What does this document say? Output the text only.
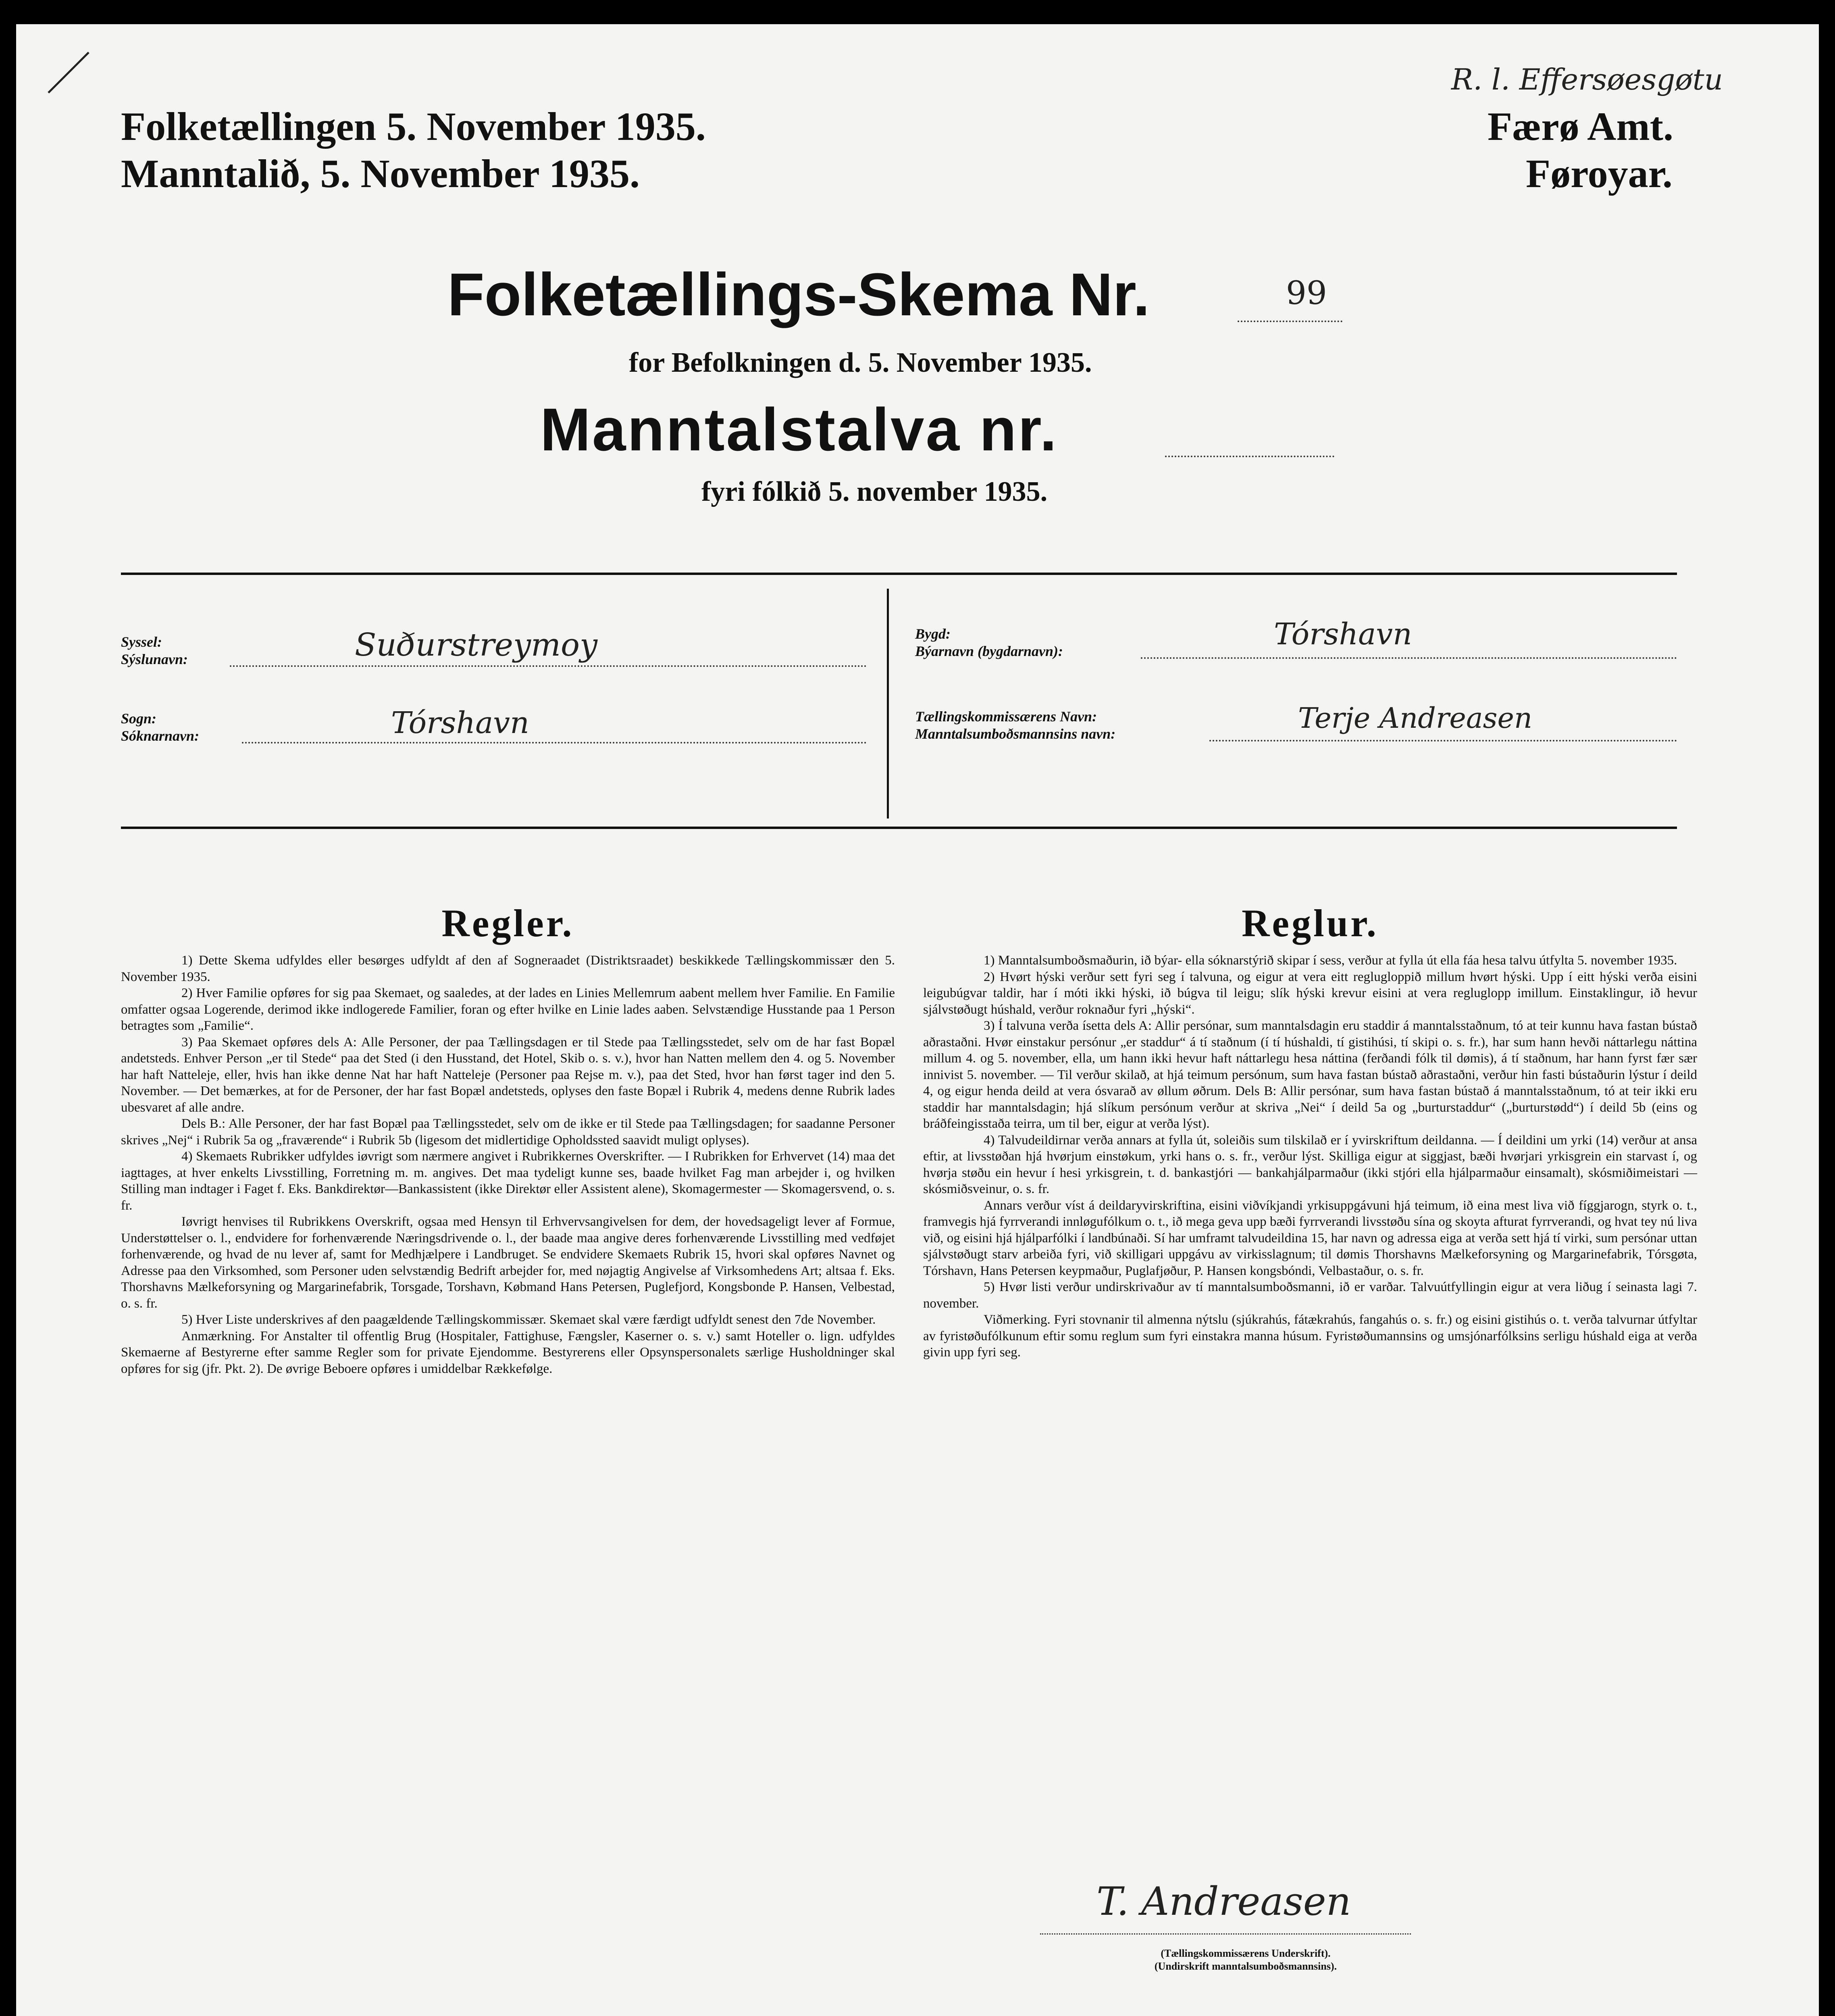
Folketællingen 5. November 1935.
Manntalið, 5. November 1935.
R. l. Effersøesgøtu
Færø Amt.
Føroyar.
Folketællings-Skema Nr.	99
for Befolkningen d. 5. November 1935.
Manntalstalva nr.
fyri fólkið 5. november 1935.
Syssel:
Sýslunavn:	Suðurstreymoy
Sogn:
Sóknarnavn:	Tórshavn
Bygd:
Býarnavn (bygdarnavn):	Tórshavn
Tællingskommissærens Navn:
Manntalsumboðsmannsins navn:	Terje Andreasen
Regler.

1) Dette Skema udfyldes eller besørges udfyldt af den af Sogneraadet (Distriktsraadet) beskikkede Tællingskommissær den 5. November 1935.

2) Hver Familie opføres for sig paa Skemaet, og saaledes, at der lades en Linies Mellemrum aabent mellem hver Familie. En Familie omfatter ogsaa Logerende, derimod ikke indlogerede Familier, foran og efter hvilke en Linie lades aaben. Selvstændige Husstande paa 1 Person betragtes som „Familie“.

3) Paa Skemaet opføres dels A: Alle Personer, der paa Tællingsdagen er til Stede paa Tællingsstedet, selv om de har fast Bopæl andetsteds. Enhver Person „er til Stede“ paa det Sted (i den Husstand, det Hotel, Skib o. s. v.), hvor han Natten mellem den 4. og 5. November har haft Natteleje, eller, hvis han ikke denne Nat har haft Natteleje (Personer paa Rejse m. v.), paa det Sted, hvor han først tager ind den 5. November. — Det bemærkes, at for de Personer, der har fast Bopæl andetsteds, oplyses den faste Bopæl i Rubrik 4, medens denne Rubrik lades ubesvaret af alle andre.

Dels B.: Alle Personer, der har fast Bopæl paa Tællingsstedet, selv om de ikke er til Stede paa Tællingsdagen; for saadanne Personer skrives „Nej“ i Rubrik 5a og „fraværende“ i Rubrik 5b (ligesom det midlertidige Opholdssted saavidt muligt oplyses).

4) Skemaets Rubrikker udfyldes iøvrigt som nærmere angivet i Rubrikkernes Overskrifter. — I Rubrikken for Erhvervet (14) maa det iagttages, at hver enkelts Livsstilling, Forretning m. m. angives. Det maa tydeligt kunne ses, baade hvilket Fag man arbejder i, og hvilken Stilling man indtager i Faget f. Eks. Bankdirektør—Bankassistent (ikke Direktør eller Assistent alene), Skomagermester — Skomagersvend, o. s. fr.

Iøvrigt henvises til Rubrikkens Overskrift, ogsaa med Hensyn til Erhvervsangivelsen for dem, der hovedsageligt lever af Formue, Understøttelser o. l., endvidere for forhenværende Næringsdrivende o. l., der baade maa angive deres forhenværende Livsstilling med vedføjet forhenværende, og hvad de nu lever af, samt for Medhjælpere i Landbruget. Se endvidere Skemaets Rubrik 15, hvori skal opføres Navnet og Adresse paa den Virksomhed, som Personer uden selvstændig Bedrift arbejder for, med nøjagtig Angivelse af Virksomhedens Art; altsaa f. Eks. Thorshavns Mælkeforsyning og Margarinefabrik, Torsgade, Torshavn, Købmand Hans Petersen, Puglefjord, Kongsbonde P. Hansen, Velbestad, o. s. fr.

5) Hver Liste underskrives af den paagældende Tællingskommissær. Skemaet skal være færdigt udfyldt senest den 7de November.

Anmærkning. For Anstalter til offentlig Brug (Hospitaler, Fattighuse, Fængsler, Kaserner o. s. v.) samt Hoteller o. lign. udfyldes Skemaerne af Bestyrerne efter samme Regler som for private Ejendomme. Bestyrerens eller Opsynspersonalets særlige Husholdninger skal opføres for sig (jfr. Pkt. 2). De øvrige Beboere opføres i umiddelbar Rækkefølge.

Reglur.

1) Manntalsumboðsmaðurin, ið býar- ella sóknarstýrið skipar í sess, verður at fylla út ella fáa hesa talvu útfylta 5. november 1935.

2) Hvørt hýski verður sett fyri seg í talvuna, og eigur at vera eitt reglugloppið millum hvørt hýski. Upp í eitt hýski verða eisini leigubúgvar taldir, har í móti ikki hýski, ið búgva til leigu; slík hýski krevur eisini at vera regluglopp imillum. Einstaklingur, ið hevur sjálvstøðugt húshald, verður roknaður fyri „hýski“.

3) Í talvuna verða ísetta dels A: Allir persónar, sum manntalsdagin eru staddir á manntalsstaðnum, tó at teir kunnu hava fastan bústað aðrastaðni. Hvør einstakur persónur „er staddur“ á tí staðnum (í tí húshaldi, tí gistihúsi, tí skipi o. s. fr.), har sum hann hevði náttarlegu náttina millum 4. og 5. november, ella, um hann ikki hevur haft náttarlegu hesa náttina (ferðandi fólk til dømis), á tí staðnum, har hann fyrst fær sær innivist 5. november. — Til verður skilað, at hjá teimum persónum, sum hava fastan bústað aðrastaðni, verður hin fasti bústaðurin lýstur í deild 4, og eigur henda deild at vera ósvarað av øllum øðrum. Dels B: Allir persónar, sum hava fastan bústað á manntalsstaðnum, tó at teir ikki eru staddir har manntalsdagin; hjá slíkum persónum verður at skriva „Nei“ í deild 5a og „burturstaddur“ („burturstødd“) í deild 5b (eins og bráðfeingisstaða teirra, um til ber, eigur at verða lýst).

4) Talvudeildirnar verða annars at fylla út, soleiðis sum tilskilað er í yvirskriftum deildanna. — Í deildini um yrki (14) verður at ansa eftir, at livsstøðan hjá hvørjum einstøkum, yrki hans o. s. fr., verður lýst. Skilliga eigur at siggjast, bæði hvørjari yrkisgrein ein starvast í, og hvørja støðu ein hevur í hesi yrkisgrein, t. d. bankastjóri — bankahjálparmaður (ikki stjóri ella hjálparmaður einsamalt), skósmiðimeistari — skósmiðsveinur, o. s. fr.

Annars verður víst á deildaryvirskriftina, eisini viðvíkjandi yrkisuppgávuni hjá teimum, ið eina mest liva við fíggjarogn, styrk o. t., framvegis hjá fyrrverandi innløgufólkum o. t., ið mega geva upp bæði fyrrverandi livsstøðu sína og skoyta afturat fyrrverandi, og hvat tey nú liva við, og eisini hjá hjálparfólki í landbúnaði. Sí har umframt talvudeildina 15, har navn og adressa eiga at verða sett hjá tí virki, sum persónar uttan sjálvstøðugt starv arbeiða fyri, við skilligari uppgávu av virkisslagnum; til dømis Thorshavns Mælkeforsyning og Margarinefabrik, Tórsgøta, Tórshavn, Hans Petersen keypmaður, Puglafjøður, P. Hansen kongsbóndi, Velbastaður, o. s. fr.

5) Hvør listi verður undirskrivaður av tí manntalsumboðsmanni, ið er varðar. Talvuútfyllingin eigur at vera liðug í seinasta lagi 7. november.

Viðmerking. Fyri stovnanir til almenna nýtslu (sjúkrahús, fátækrahús, fangahús o. s. fr.) og eisini gistihús o. t. verða talvurnar útfyltar av fyristøðufólkunum eftir somu reglum sum fyri einstakra manna húsum. Fyristøðumannsins og umsjónarfólksins serligu húshald eiga at verða givin upp fyri seg.

T. Andreasen
(Tællingskommissærens Underskrift).
(Undirskrift manntalsumboðsmannsins).
